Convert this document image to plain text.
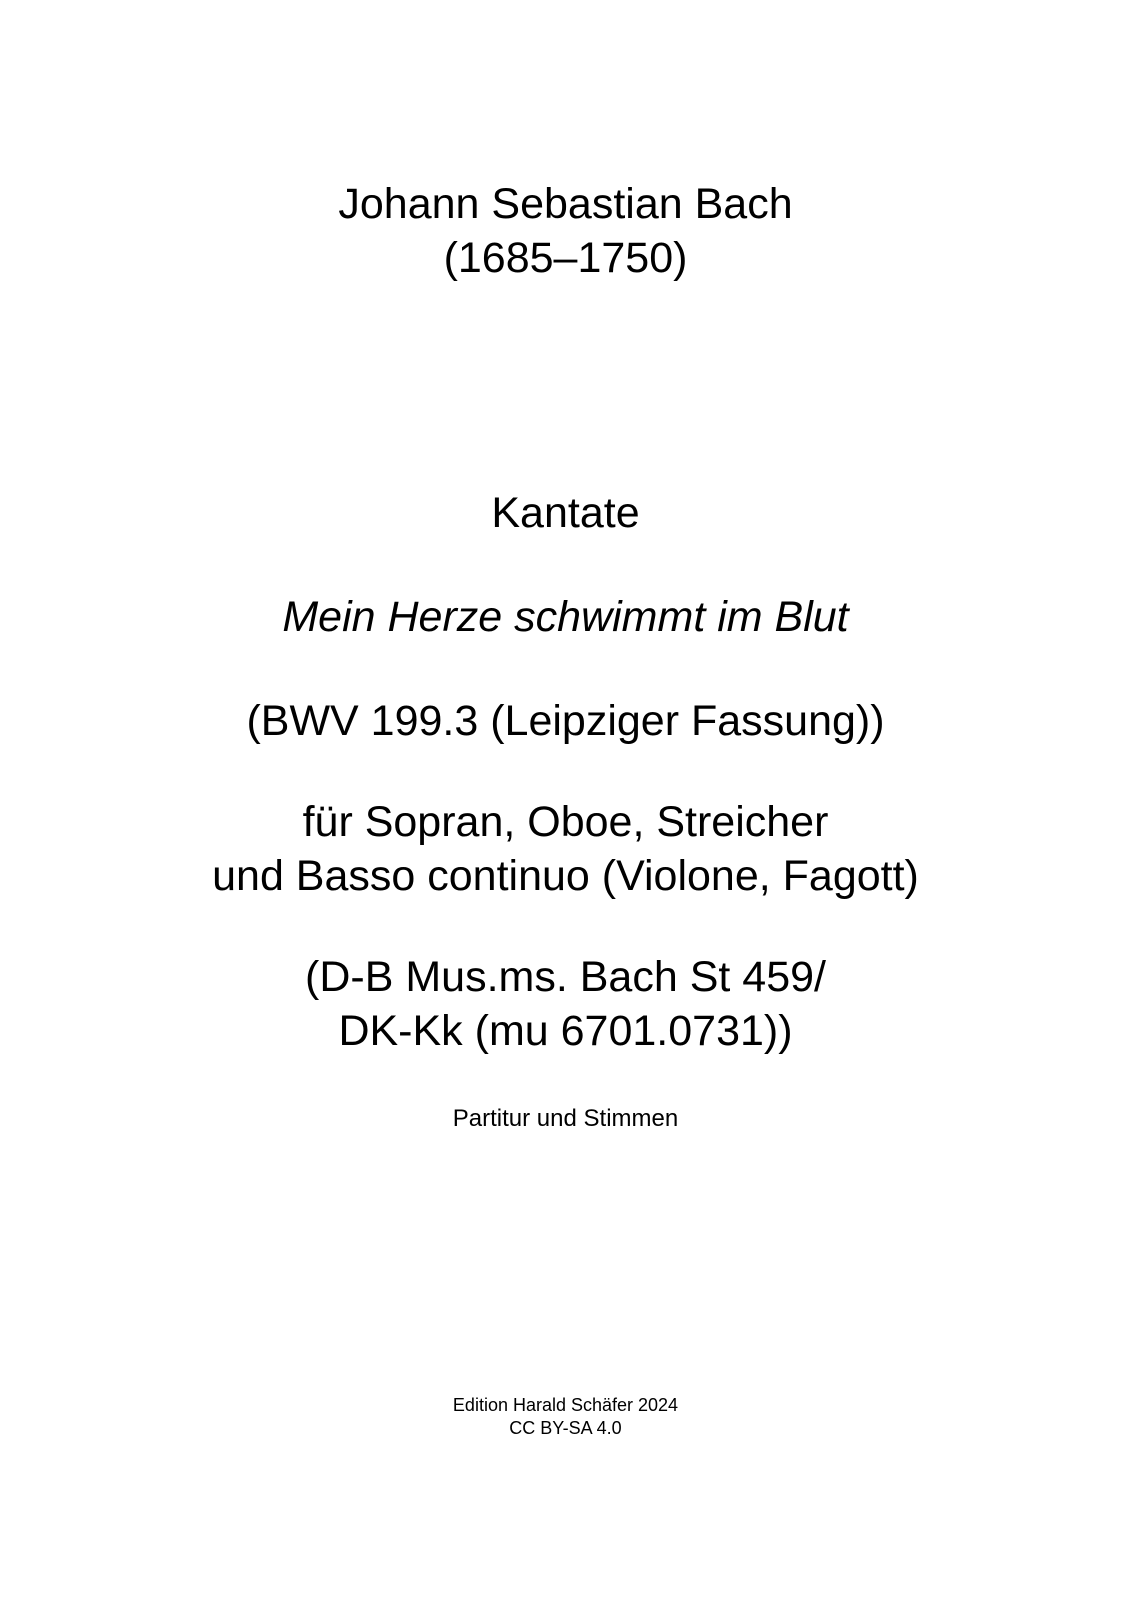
Johann Sebastian Bach
(1685–1750)
Kantate
Mein Herze schwimmt im Blut
(BWV 199.3 (Leipziger Fassung))
für Sopran, Oboe, Streicher
und Basso continuo (Violone, Fagott)
(D-B Mus.ms. Bach St 459/
DK-Kk (mu 6701.0731))
Partitur und Stimmen
Edition Harald Schäfer 2024
CC BY-SA 4.0
